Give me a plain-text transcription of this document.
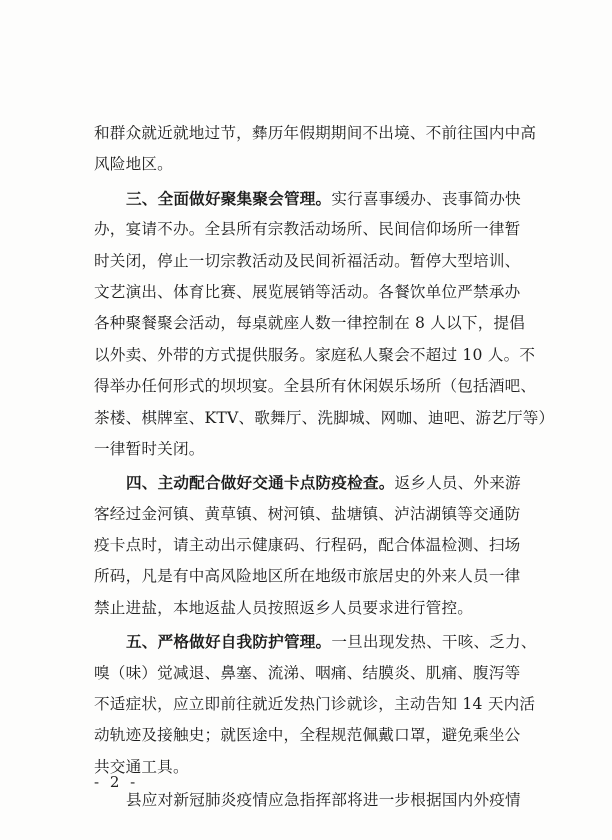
和群众就近就地过节，彝历年假期期间不出境、不前往国内中高
风险地区。
三、全面做好聚集聚会管理。实行喜事缓办、丧事简办快
办，宴请不办。全县所有宗教活动场所、民间信仰场所一律暂
时关闭，停止一切宗教活动及民间祈福活动。暂停大型培训、
文艺演出、体育比赛、展览展销等活动。各餐饮单位严禁承办
各种聚餐聚会活动，每桌就座人数一律控制在 8 人以下，提倡
以外卖、外带的方式提供服务。家庭私人聚会不超过 10 人。不
得举办任何形式的坝坝宴。全县所有休闲娱乐场所（包括酒吧、
茶楼、棋牌室、KTV、歌舞厅、洗脚城、网咖、迪吧、游艺厅等）
一律暂时关闭。
四、主动配合做好交通卡点防疫检查。返乡人员、外来游
客经过金河镇、黄草镇、树河镇、盐塘镇、泸沽湖镇等交通防
疫卡点时，请主动出示健康码、行程码，配合体温检测、扫场
所码，凡是有中高风险地区所在地级市旅居史的外来人员一律
禁止进盐，本地返盐人员按照返乡人员要求进行管控。
五、严格做好自我防护管理。一旦出现发热、干咳、乏力、
嗅（味）觉减退、鼻塞、流涕、咽痛、结膜炎、肌痛、腹泻等
不适症状，应立即前往就近发热门诊就诊，主动告知 14 天内活
动轨迹及接触史；就医途中，全程规范佩戴口罩，避免乘坐公
共交通工具。
县应对新冠肺炎疫情应急指挥部将进一步根据国内外疫情
- 2 -
